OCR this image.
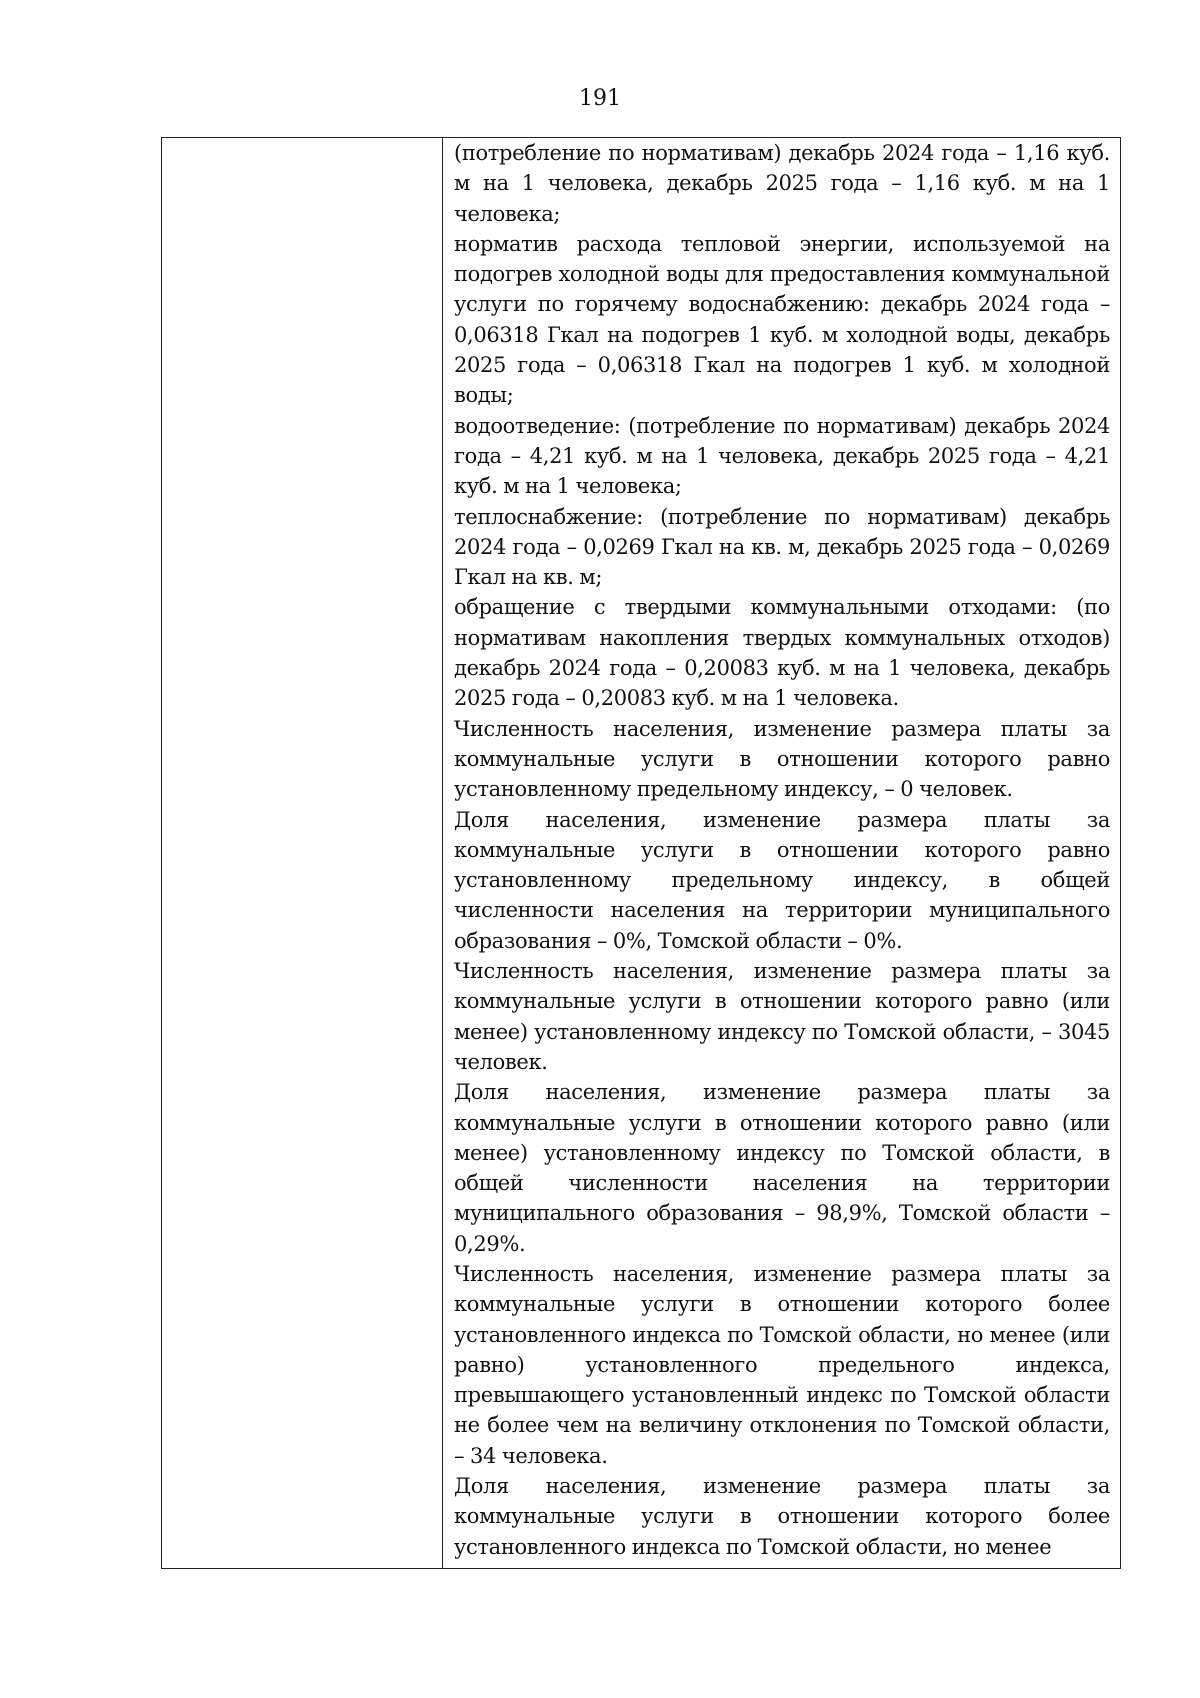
191

(потребление по нормативам) декабрь 2024 года – 1,16 куб. м на 1 человека, декабрь 2025 года – 1,16 куб. м на 1 человека;

норматив расхода тепловой энергии, используемой на подогрев холодной воды для предоставления коммунальной услуги по горячему водоснабжению: декабрь 2024 года – 0,06318 Гкал на подогрев 1 куб. м холодной воды, декабрь 2025 года – 0,06318 Гкал на подогрев 1 куб. м холодной воды;

водоотведение: (потребление по нормативам) декабрь 2024 года – 4,21 куб. м на 1 человека, декабрь 2025 года – 4,21 куб. м на 1 человека;

теплоснабжение: (потребление по нормативам) декабрь 2024 года – 0,0269 Гкал на кв. м, декабрь 2025 года – 0,0269 Гкал на кв. м;

обращение с твердыми коммунальными отходами: (по нормативам накопления твердых коммунальных отходов) декабрь 2024 года – 0,20083 куб. м на 1 человека, декабрь 2025 года – 0,20083 куб. м на 1 человека.

Численность населения, изменение размера платы за коммунальные услуги в отношении которого равно установленному предельному индексу, – 0 человек.

Доля населения, изменение размера платы за коммунальные услуги в отношении которого равно установленному предельному индексу, в общей численности населения на территории муниципального образования – 0%, Томской области – 0%.

Численность населения, изменение размера платы за коммунальные услуги в отношении которого равно (или менее) установленному индексу по Томской области, – 3045 человек.

Доля населения, изменение размера платы за коммунальные услуги в отношении которого равно (или менее) установленному индексу по Томской области, в общей численности населения на территории муниципального образования – 98,9%, Томской области – 0,29%.

Численность населения, изменение размера платы за коммунальные услуги в отношении которого более установленного индекса по Томской области, но менее (или равно) установленного предельного индекса, превышающего установленный индекс по Томской области не более чем на величину отклонения по Томской области, – 34 человека.

Доля населения, изменение размера платы за коммунальные услуги в отношении которого более установленного индекса по Томской области, но менее
